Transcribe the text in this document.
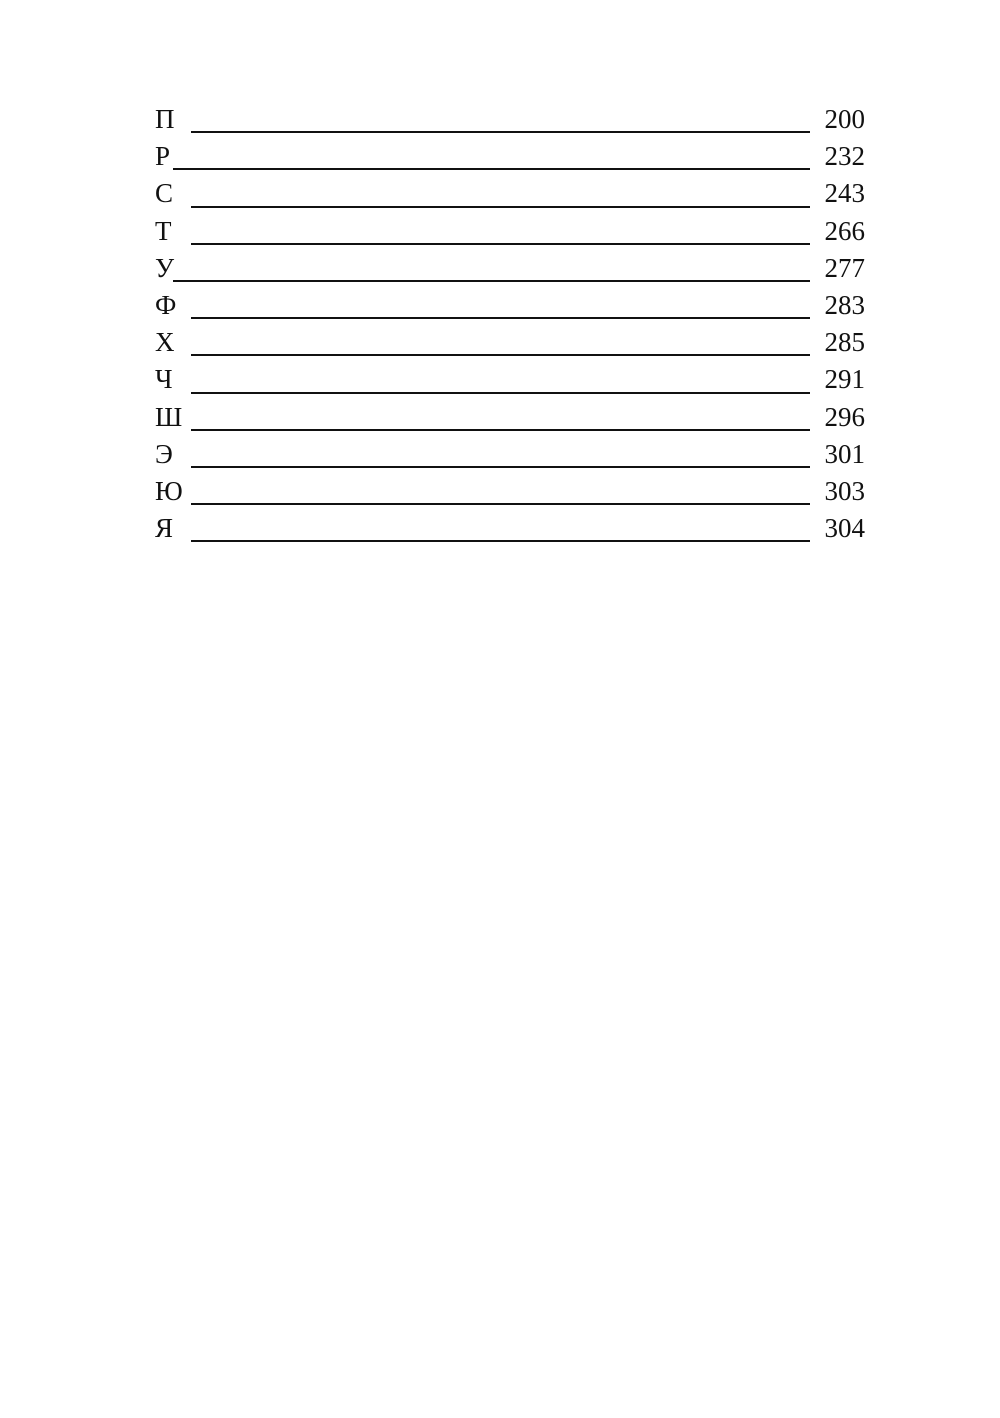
П	200
Р	232
С	243
Т	266
У	277
Ф	283
Х	285
Ч	291
Ш	296
Э	301
Ю	303
Я	304
